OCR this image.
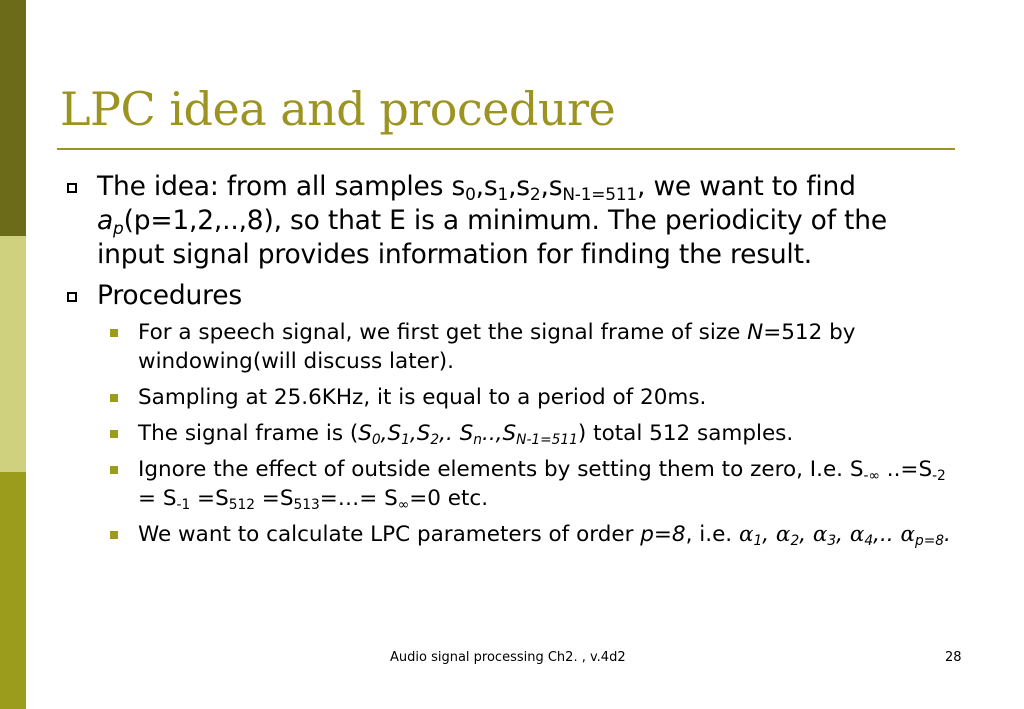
LPC idea and procedure
The idea: from all samples $s_0,s_1,s_2,s_{N-1=511}$, we want to find $a_p(p=1,2,..,8)$, so that E is a minimum. The periodicity of the input signal provides information for finding the result.
Procedures
For a speech signal, we first get the signal frame of size N=512 by windowing(will discuss later).
Sampling at 25.6KHz, it is equal to a period of 20ms.
The signal frame is ($S_0,S_1,S_2$,. $S_n..,S_{N-1=511}$) total 512 samples.
Ignore the effect of outside elements by setting them to zero, I.e. $S_{-\infty}$ $..=S_{-2} = S_{-1} =S_{512}$ $=S_{513}=\dots= S_\infty=0$ etc.
We want to calculate LPC parameters of order p=8, i.e. $\alpha_1$, $\alpha_2$, $\alpha_3$, $\alpha_4$,.. $\alpha_{p=8}$.
Audio signal processing Ch2. , v.4d2	28
